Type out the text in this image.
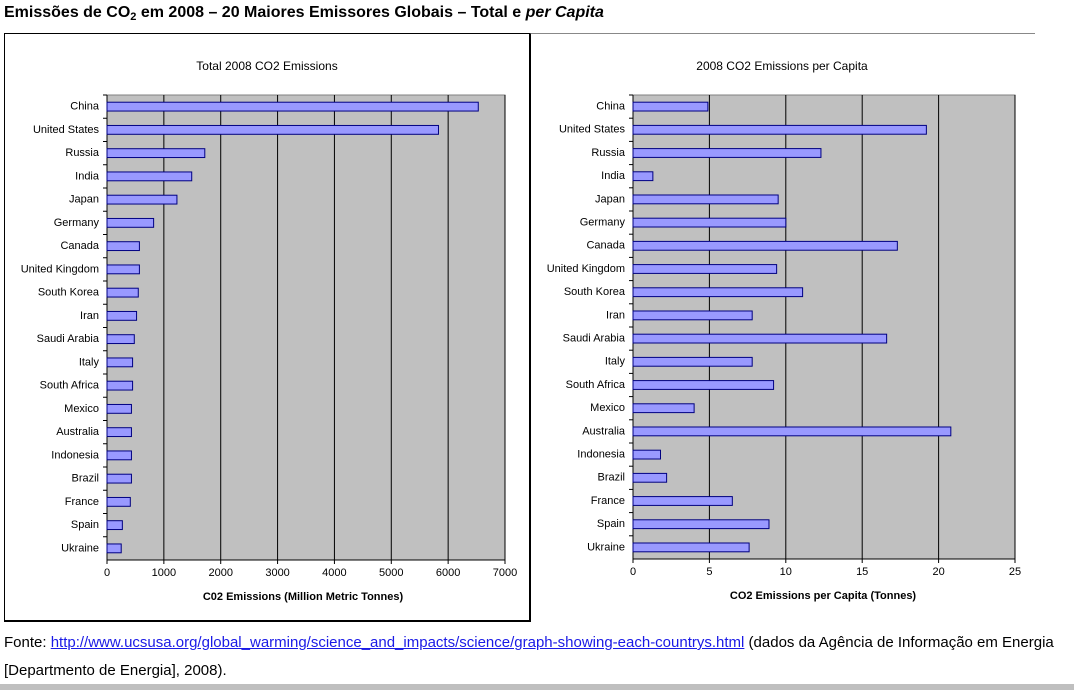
Emissões de CO2 em 2008 – 20 Maiores Emissores Globais – Total e per Capita
Total 2008 CO2 Emissions
0	1000	2000	3000	4000	5000	6000	7000
China
United States
Russia
India
Japan
Germany
Canada
United Kingdom
South Korea
Iran
Saudi Arabia
Italy
South Africa
Mexico
Australia
Indonesia
Brazil
France
Spain
Ukraine
C02 Emissions (Million Metric Tonnes)
2008 CO2 Emissions per Capita
0	5	10	15	20	25
China
United States
Russia
India
Japan
Germany
Canada
United Kingdom
South Korea
Iran
Saudi Arabia
Italy
South Africa
Mexico
Australia
Indonesia
Brazil
France
Spain
Ukraine
CO2 Emissions per Capita (Tonnes)
Fonte: http://www.ucsusa.org/global_warming/science_and_impacts/science/graph-showing-each-countrys.html (dados da Agência de Informação em Energia [Departmento de Energia], 2008).
